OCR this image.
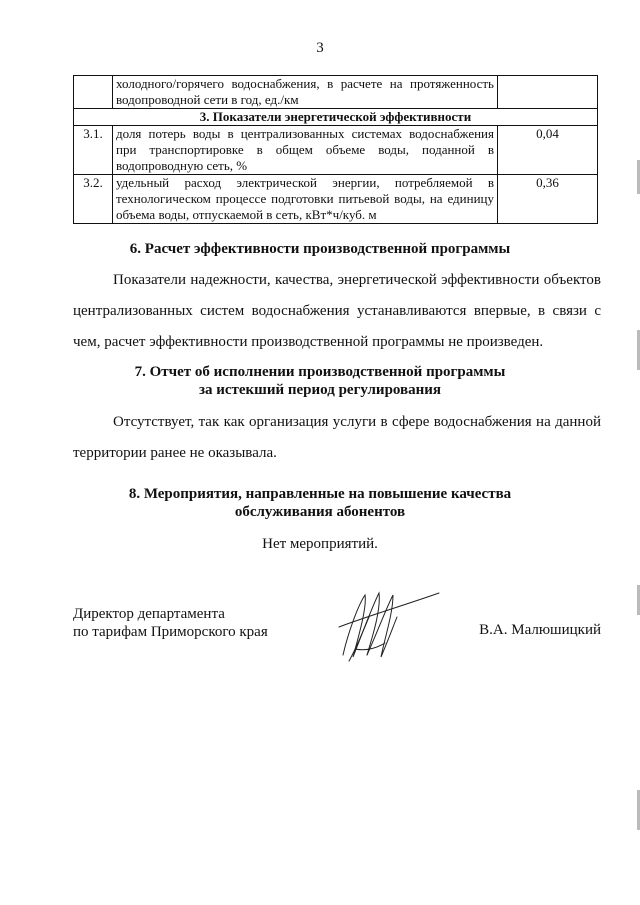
3
	холодного/горячего водоснабжения, в расчете на протяженность водопроводной сети в год, ед./км	
3. Показатели энергетической эффективности		
3.1.	доля потерь воды в централизованных системах водоснабжения при транспортировке в общем объеме воды, поданной в водопроводную сеть, %	0,04
3.2.	удельный расход электрической энергии, потребляемой в технологическом процессе подготовки питьевой воды, на единицу объема воды, отпускаемой в сеть, кВт*ч/куб. м	0,36
6. Расчет эффективности производственной программы

Показатели надежности, качества, энергетической эффективности объектов централизованных систем водоснабжения устанавливаются впервые, в связи с чем, расчет эффективности производственной программы не произведен.

7. Отчет об исполнении производственной программы
за истекший период регулирования

Отсутствует, так как организация услуги в сфере водоснабжения на данной территории ранее не оказывала.

8. Мероприятия, направленные на повышение качества
обслуживания абонентов
Нет мероприятий.
Директор департамента
по тарифам Приморского края	В.А. Малюшицкий
